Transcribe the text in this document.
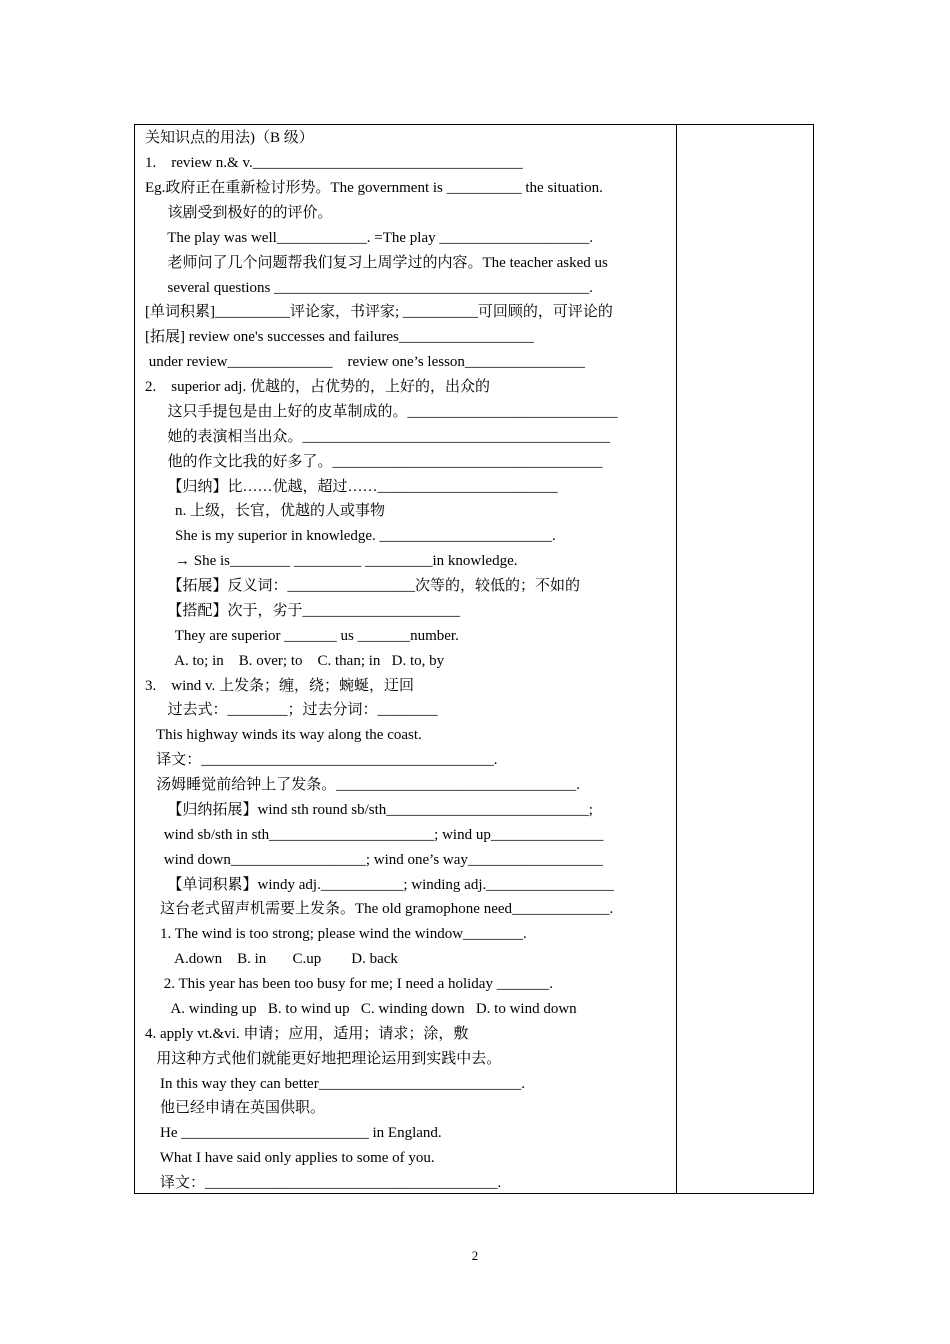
关知识点的用法)（B 级）
1.    review n.& v.____________________________________
Eg.政府正在重新检讨形势。The government is __________ the situation.
该剧受到极好的的评价。
The play was well____________. =The play ____________________.
老师问了几个问题帮我们复习上周学过的内容。The teacher asked us
several questions __________________________________________.
[单词积累]__________评论家，书评家; __________可回顾的，可评论的
[拓展] review one's successes and failures__________________
under review______________    review one’s lesson________________
2.    superior adj. 优越的，占优势的，上好的，出众的
这只手提包是由上好的皮革制成的。____________________________
她的表演相当出众。_________________________________________
他的作文比我的好多了。____________________________________
【归纳】比……优越，超过……________________________
n. 上级，长官，优越的人或事物
She is my superior in knowledge. _______________________.
→ She is________ _________ _________in knowledge.
【拓展】反义词：_________________次等的，较低的；不如的
【搭配】次于，劣于_____________________
They are superior _______ us _______number.
A. to; in    B. over; to    C. than; in   D. to, by
3.    wind v. 上发条；缠，绕；蜿蜒，迂回
过去式：________；过去分词：________
This highway winds its way along the coast.
译文：_______________________________________.
汤姆睡觉前给钟上了发条。________________________________.
【归纳拓展】wind sth round sb/sth___________________________;
wind sb/sth in sth______________________; wind up_______________
wind down__________________; wind one’s way__________________
【单词积累】windy adj.___________; winding adj._________________
这台老式留声机需要上发条。The old gramophone need_____________.
1. The wind is too strong; please wind the window________.
A.down    B. in       C.up        D. back
2. This year has been too busy for me; I need a holiday _______.
A. winding up   B. to wind up   C. winding down   D. to wind down
4. apply vt.&vi. 申请；应用，适用；请求；涂，敷
用这种方式他们就能更好地把理论运用到实践中去。
In this way they can better___________________________.
他已经申请在英国供职。
He _________________________ in England.
What I have said only applies to some of you.
译文：_______________________________________.
2
